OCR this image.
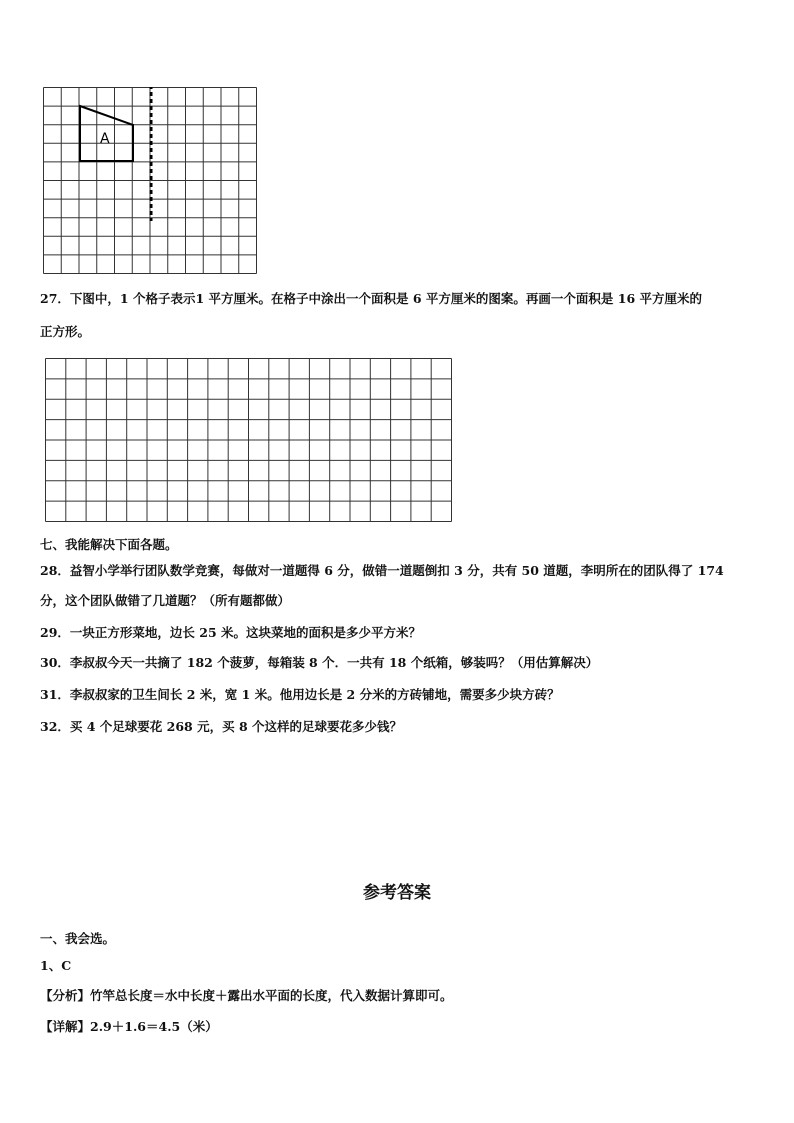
A
27．下图中，1 个格子表示1 平方厘米。在格子中涂出一个面积是 6 平方厘米的图案。再画一个面积是 16 平方厘米的
正方形。
七、我能解决下面各题。
28．益智小学举行团队数学竞赛，每做对一道题得 6 分，做错一道题倒扣 3 分，共有 50 道题，李明所在的团队得了 174
分，这个团队做错了几道题？（所有题都做）
29．一块正方形菜地，边长 25 米。这块菜地的面积是多少平方米？
30．李叔叔今天一共摘了 182 个菠萝，每箱装 8 个．一共有 18 个纸箱，够装吗？（用估算解决）
31．李叔叔家的卫生间长 2 米，宽 1 米。他用边长是 2 分米的方砖铺地，需要多少块方砖？
32．买 4 个足球要花 268 元，买 8 个这样的足球要花多少钱？
参考答案
一、我会选。
1、C
【分析】竹竿总长度＝水中长度＋露出水平面的长度，代入数据计算即可。
【详解】2.9＋1.6＝4.5（米）
